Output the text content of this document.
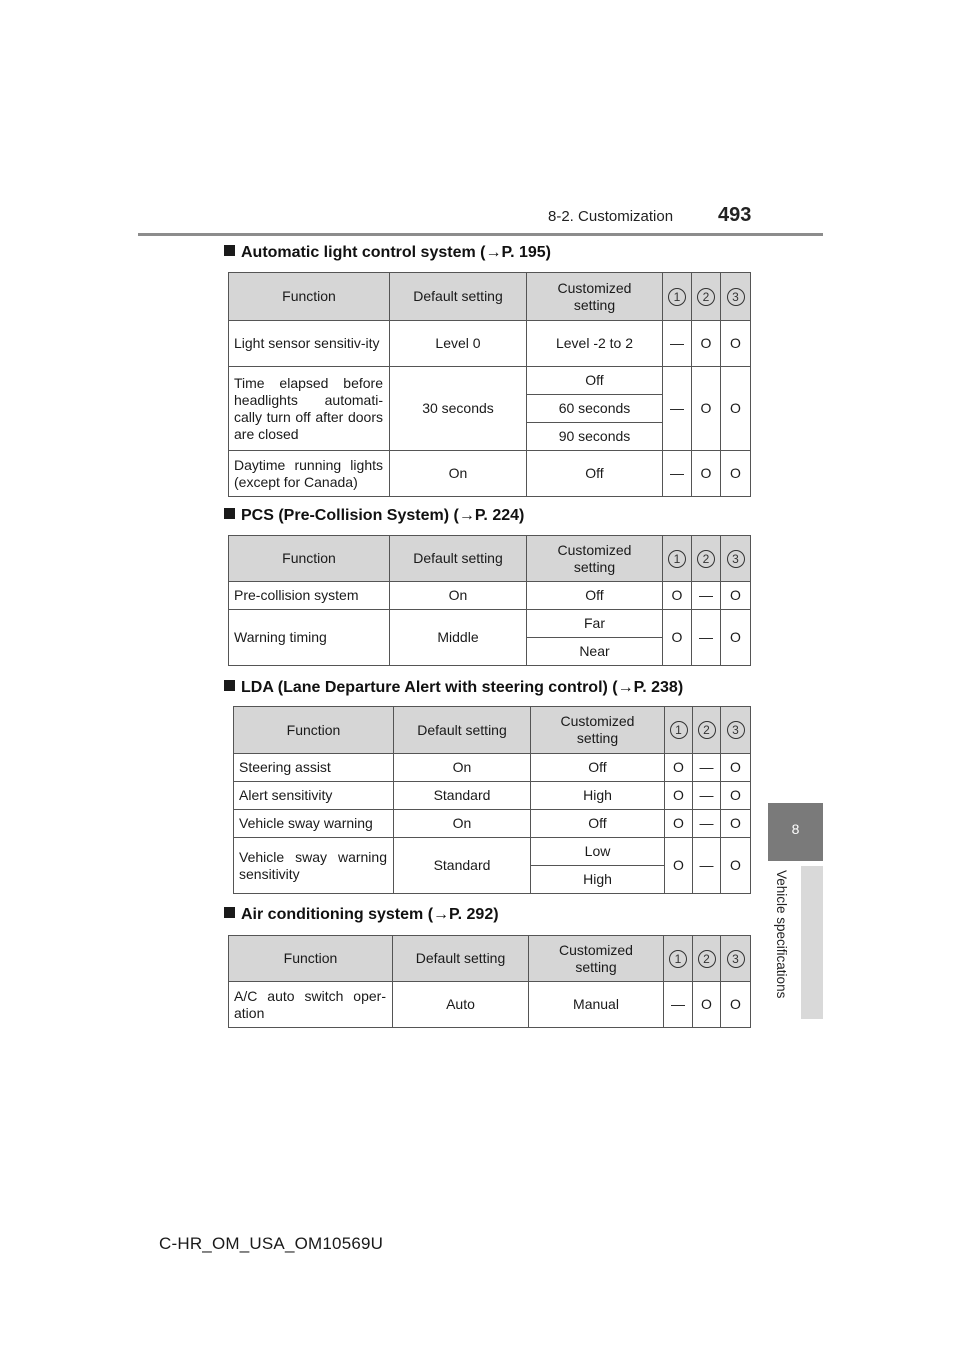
8-2. Customization 493
8
Vehicle specifications
Automatic light control system (→P. 195)
Function	Default setting	Customized setting	1	2	3
Light sensor sensitiv-ity	Level 0	Level -2 to 2	—	O	O
Time elapsed before headlights automati-cally turn off after doors are closed	30 seconds	Off	—	O	O
		60 seconds			
		90 seconds			
Daytime running lights (except for Canada)	On	Off	—	O	O
PCS (Pre-Collision System) (→P. 224)
Function	Default setting	Customized setting	1	2	3
Pre-collision system	On	Off	O	—	O
Warning timing	Middle	Far	O	—	O
		Near			
LDA (Lane Departure Alert with steering control) (→P. 238)
Function	Default setting	Customized setting	1	2	3
Steering assist	On	Off	O	—	O
Alert sensitivity	Standard	High	O	—	O
Vehicle sway warning	On	Off	O	—	O
Vehicle sway warning sensitivity	Standard	Low	O	—	O
		High			
Air conditioning system (→P. 292)
Function	Default setting	Customized setting	1	2	3
A/C auto switch oper-ation	Auto	Manual	—	O	O
C-HR_OM_USA_OM10569U
